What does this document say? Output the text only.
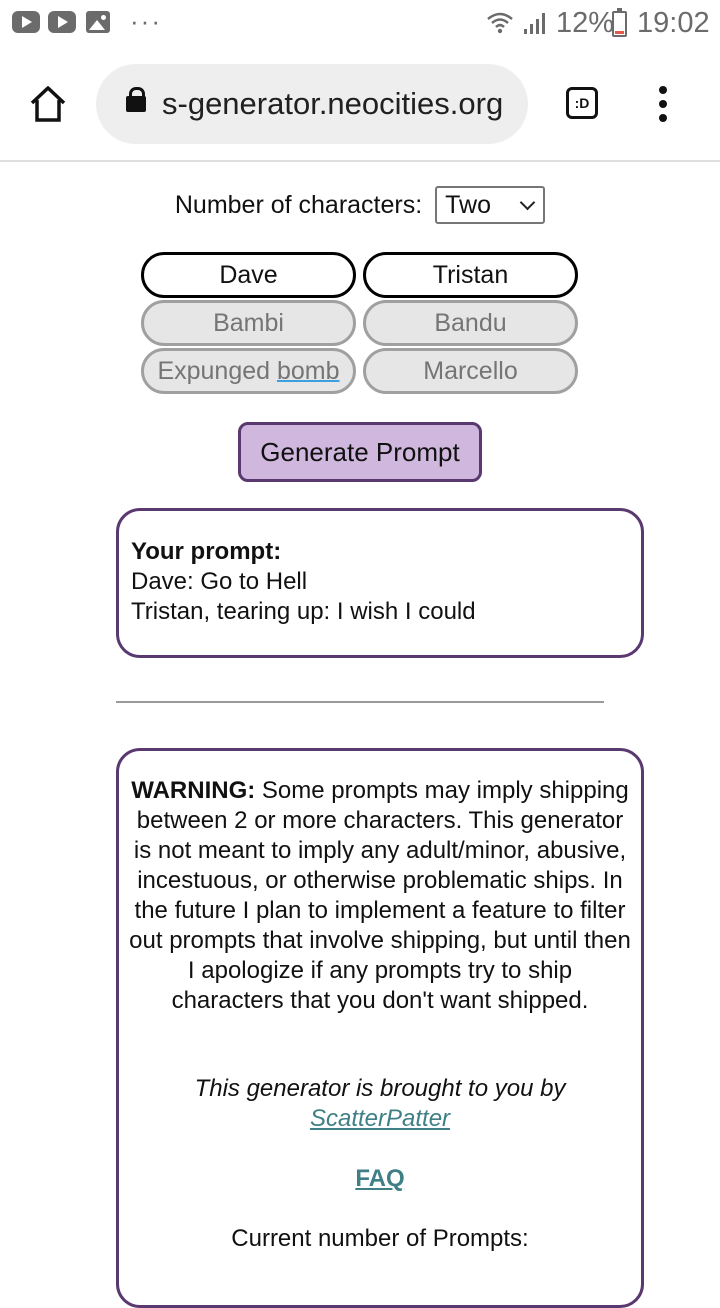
···	12% 19:02
s-generator.neocities.org	:D
Number of characters: Two
Dave	Tristan
Bambi	Bandu
Expunged bomb	Marcello
Generate Prompt
Your prompt:
Dave: Go to Hell
Tristan, tearing up: I wish I could
WARNING: Some prompts may imply shipping between 2 or more characters. This generator is not meant to imply any adult/minor, abusive, incestuous, or otherwise problematic ships. In the future I plan to implement a feature to filter out prompts that involve shipping, but until then I apologize if any prompts try to ship characters that you don't want shipped.
This generator is brought to you by
ScatterPatter
FAQ
Current number of Prompts:
